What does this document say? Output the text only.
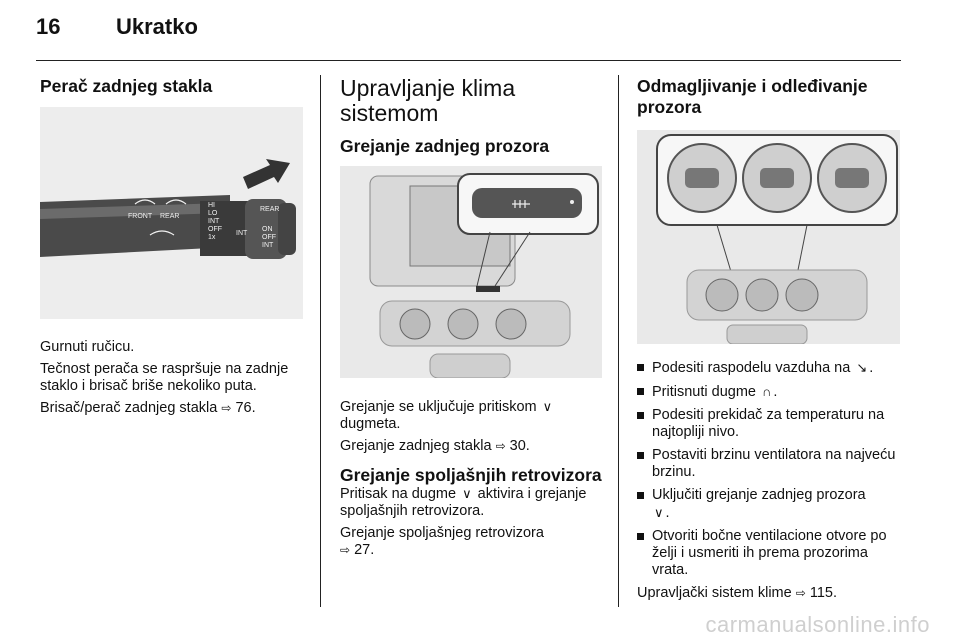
16	Ukratko
Perač zadnjeg stakla
FRONT REAR
HI
LO
INT
OFF
1x
INT
REAR
ON
OFF
INT

Gurnuti ručicu.

Tečnost perača se raspršuje na zadnje staklo i brisač briše nekoliko puta.

Brisač/perač zadnjeg stakla ⇨ 76.

Upravljanje klima sistemom
Grejanje zadnjeg prozora

Grejanje se uključuje pritiskom ∨ dugmeta.

Grejanje zadnjeg stakla ⇨ 30.

Grejanje spoljašnjih retrovizora

Pritisak na dugme ∨ aktivira i grejanje spoljašnjih retrovizora.

Grejanje spoljašnjeg retrovizora
⇨ 27.

Odmagljivanje i odleđivanje prozora
Podesiti raspodelu vazduha na ↘ .
Pritisnuti dugme ∩ .
Podesiti prekidač za temperaturu na najtopliji nivo.
Postaviti brzinu ventilatora na najveću brzinu.
Uključiti grejanje zadnjeg prozora
∨ .
Otvoriti bočne ventilacione otvore po želji i usmeriti ih prema prozorima vrata.

Upravljački sistem klime ⇨ 115.

carmanualsonline.info
